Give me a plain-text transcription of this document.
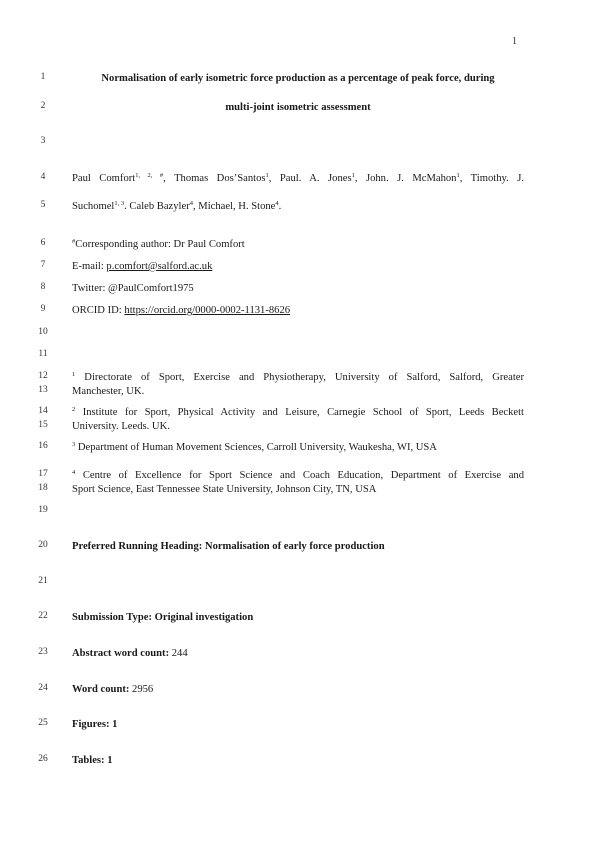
1
1
2
3
4
5
6
7
8
9
10
11
12
13
14
15
16
17
18
19
20
21
22
23
24
25
26
Normalisation of early isometric force production as a percentage of peak force, during
multi-joint isometric assessment
Paul Comfort$^{1, 2, \#}$, Thomas Dos’Santos$^1$, Paul. A. Jones$^1$, John. J. McMahon$^1$, Timothy. J.
Suchomel$^{1, 3}$. Caleb Bazyler$^4$, Michael, H. Stone$^4$.
#Corresponding author: Dr Paul Comfort
E-mail: p.comfort@salford.ac.uk
Twitter: @PaulComfort1975
ORCID ID: https://orcid.org/0000-0002-1131-8626
$^1$ Directorate of Sport, Exercise and Physiotherapy, University of Salford, Salford, Greater
Manchester, UK.
$^2$ Institute for Sport, Physical Activity and Leisure, Carnegie School of Sport, Leeds Beckett
University. Leeds. UK.
$^3$ Department of Human Movement Sciences, Carroll University, Waukesha, WI, USA
$^4$ Centre of Excellence for Sport Science and Coach Education, Department of Exercise and
Sport Science, East Tennessee State University, Johnson City, TN, USA
Preferred Running Heading: Normalisation of early force production
Submission Type: Original investigation
Abstract word count: 244
Word count: 2956
Figures: 1
Tables: 1
